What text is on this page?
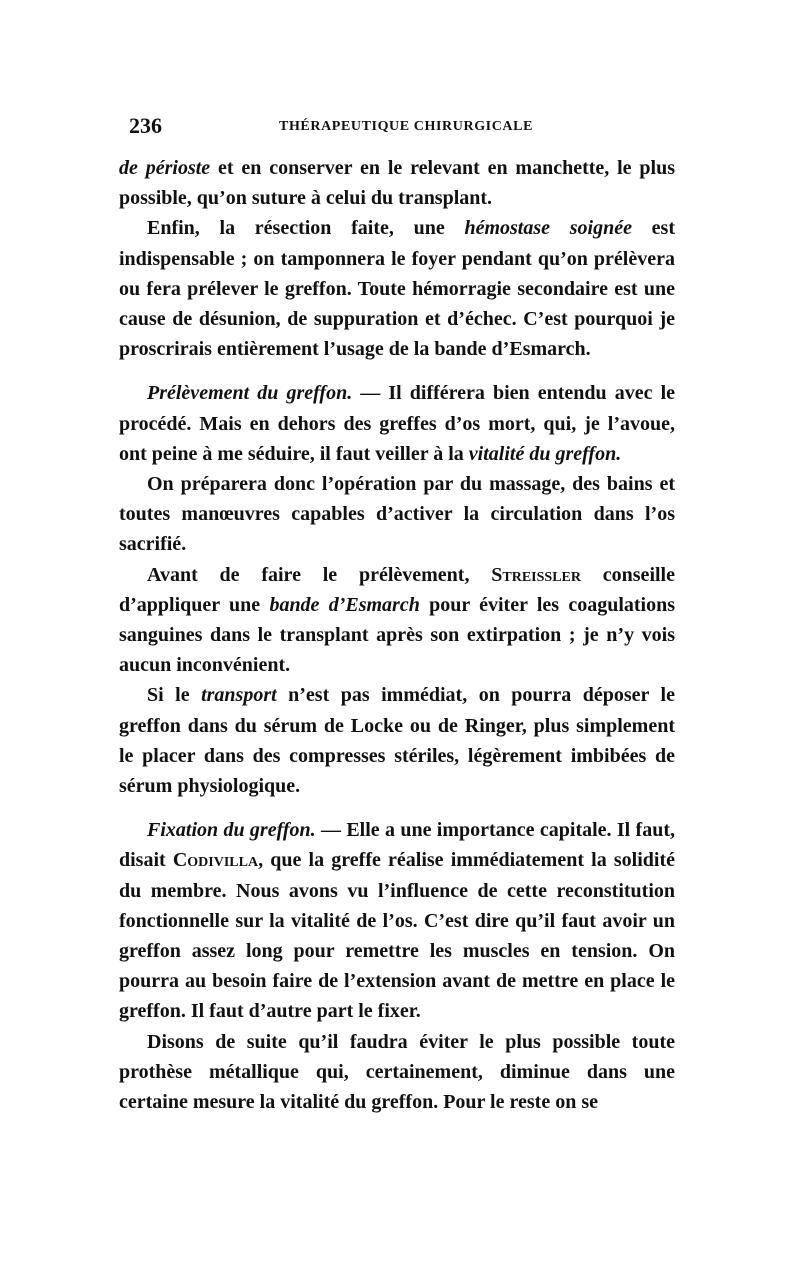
236	THÉRAPEUTIQUE CHIRURGICALE

de périoste et en conserver en le relevant en manchette, le plus possible, qu’on suture à celui du transplant.

Enfin, la résection faite, une hémostase soignée est indispensable ; on tamponnera le foyer pendant qu’on prélèvera ou fera prélever le greffon. Toute hémorragie secondaire est une cause de désunion, de suppuration et d’échec. C’est pourquoi je proscrirais entièrement l’usage de la bande d’Esmarch.

Prélèvement du greffon. — Il différera bien entendu avec le procédé. Mais en dehors des greffes d’os mort, qui, je l’avoue, ont peine à me séduire, il faut veiller à la vitalité du greffon.

On préparera donc l’opération par du massage, des bains et toutes manœuvres capables d’activer la circulation dans l’os sacrifié.

Avant de faire le prélèvement, Streissler conseille d’appliquer une bande d’Esmarch pour éviter les coagulations sanguines dans le transplant après son extirpation ; je n’y vois aucun inconvénient.

Si le transport n’est pas immédiat, on pourra déposer le greffon dans du sérum de Locke ou de Ringer, plus simplement le placer dans des compresses stériles, légèrement imbibées de sérum physiologique.

Fixation du greffon. — Elle a une importance capitale. Il faut, disait Codivilla, que la greffe réalise immédiatement la solidité du membre. Nous avons vu l’influence de cette reconstitution fonctionnelle sur la vitalité de l’os. C’est dire qu’il faut avoir un greffon assez long pour remettre les muscles en tension. On pourra au besoin faire de l’extension avant de mettre en place le greffon. Il faut d’autre part le fixer.

Disons de suite qu’il faudra éviter le plus possible toute prothèse métallique qui, certainement, diminue dans une certaine mesure la vitalité du greffon. Pour le reste on se
